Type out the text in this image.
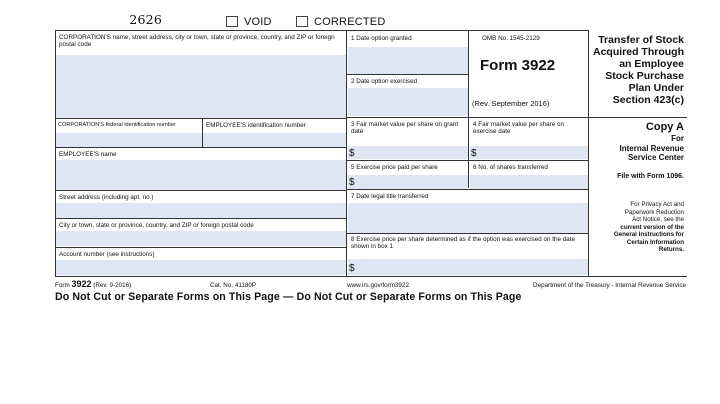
2626	VOID	CORRECTED
CORPORATION'S name, street address, city or town, state or province, country, and ZIP or foreign postal code
CORPORATION'S federal identification number	EMPLOYEE'S identification number
EMPLOYEE'S name
Street address (including apt. no.)
City or town, state or province, country, and ZIP or foreign postal code
Account number (see instructions)
1 Date option granted
2 Date option exercised
3 Fair market value per share on grant date
$
4 Fair market value per share on exercise date
$
5 Exercise price paid per share
$
6 No. of shares transferred
7 Date legal title transferred
8 Exercise price per share determined as if the option was exercised on the date shown in box 1
$
OMB No. 1545-2129
Form 3922
(Rev. September 2016)
Transfer of Stock
Acquired Through
an Employee
Stock Purchase
Plan Under
Section 423(c)
Copy A
For
Internal Revenue
Service Center
File with Form 1096.
For Privacy Act and
Paperwork Reduction
Act Notice, see the
current version of the
General Instructions for
Certain Information
Returns.
Form 3922 (Rev. 9-2016)	Cat. No. 41180P	www.irs.gov/form3922	Department of the Treasury - Internal Revenue Service
Do Not Cut or Separate Forms on This Page — Do Not Cut or Separate Forms on This Page
